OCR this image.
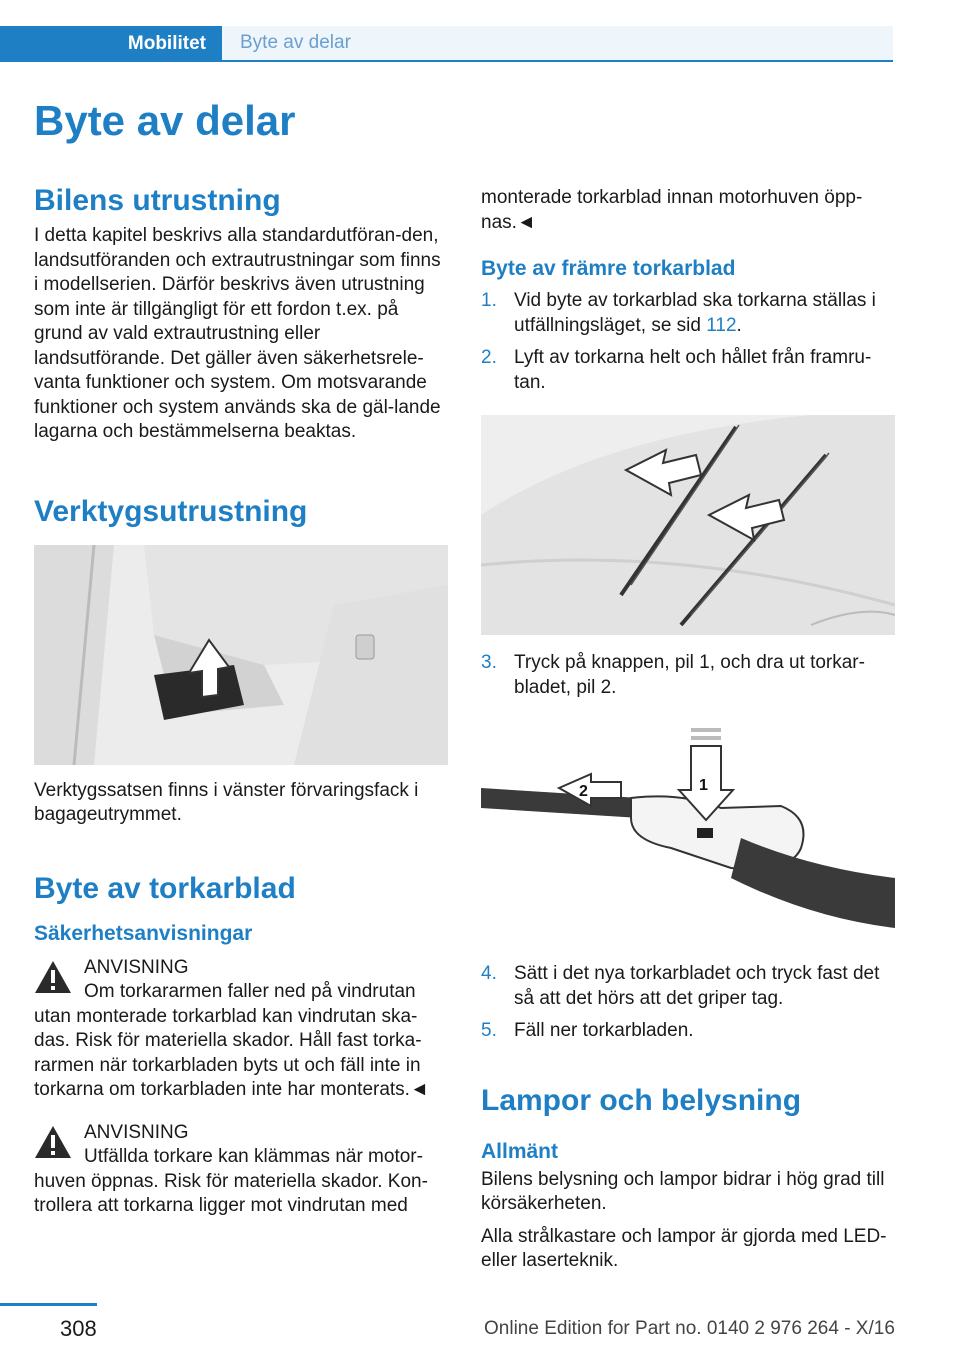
Mobilitet	Byte av delar
Byte av delar
Bilens utrustning

I detta kapitel beskrivs alla standardutföran-den, landsutföranden och extrautrustningar som finns i modellserien. Därför beskrivs även utrustning som inte är tillgängligt för ett fordon t.ex. på grund av vald extrautrustning eller landsutförande. Det gäller även säkerhetsrele-vanta funktioner och system. Om motsvarande funktioner och system används ska de gäl-lande lagarna och bestämmelserna beaktas.

Verktygsutrustning

Verktygssatsen finns i vänster förvaringsfack i bagageutrymmet.

Byte av torkarblad
Säkerhetsanvisningar
ANVISNING

Om torkararmen faller ned på vindrutan utan monterade torkarblad kan vindrutan ska-das. Risk för materiella skador. Håll fast torka-rarmen när torkarbladen byts ut och fäll inte in torkarna om torkarbladen inte har monterats.◄

ANVISNING

Utfällda torkare kan klämmas när motor-huven öppnas. Risk för materiella skador. Kon-trollera att torkarna ligger mot vindrutan med

monterade torkarblad innan motorhuven öpp-nas.◄

Byte av främre torkarblad
1. Vid byte av torkarblad ska torkarna ställas i utfällningsläget, se sid 112.
2. Lyft av torkarna helt och hållet från framru-tan.
3. Tryck på knappen, pil 1, och dra ut torkar-bladet, pil 2.
1
2
4. Sätt i det nya torkarbladet och tryck fast det så att det hörs att det griper tag.
5. Fäll ner torkarbladen.
Lampor och belysning
Allmänt

Bilens belysning och lampor bidrar i hög grad till körsäkerheten.

Alla strålkastare och lampor är gjorda med LED- eller laserteknik.

308	Online Edition for Part no. 0140 2 976 264 - X/16
